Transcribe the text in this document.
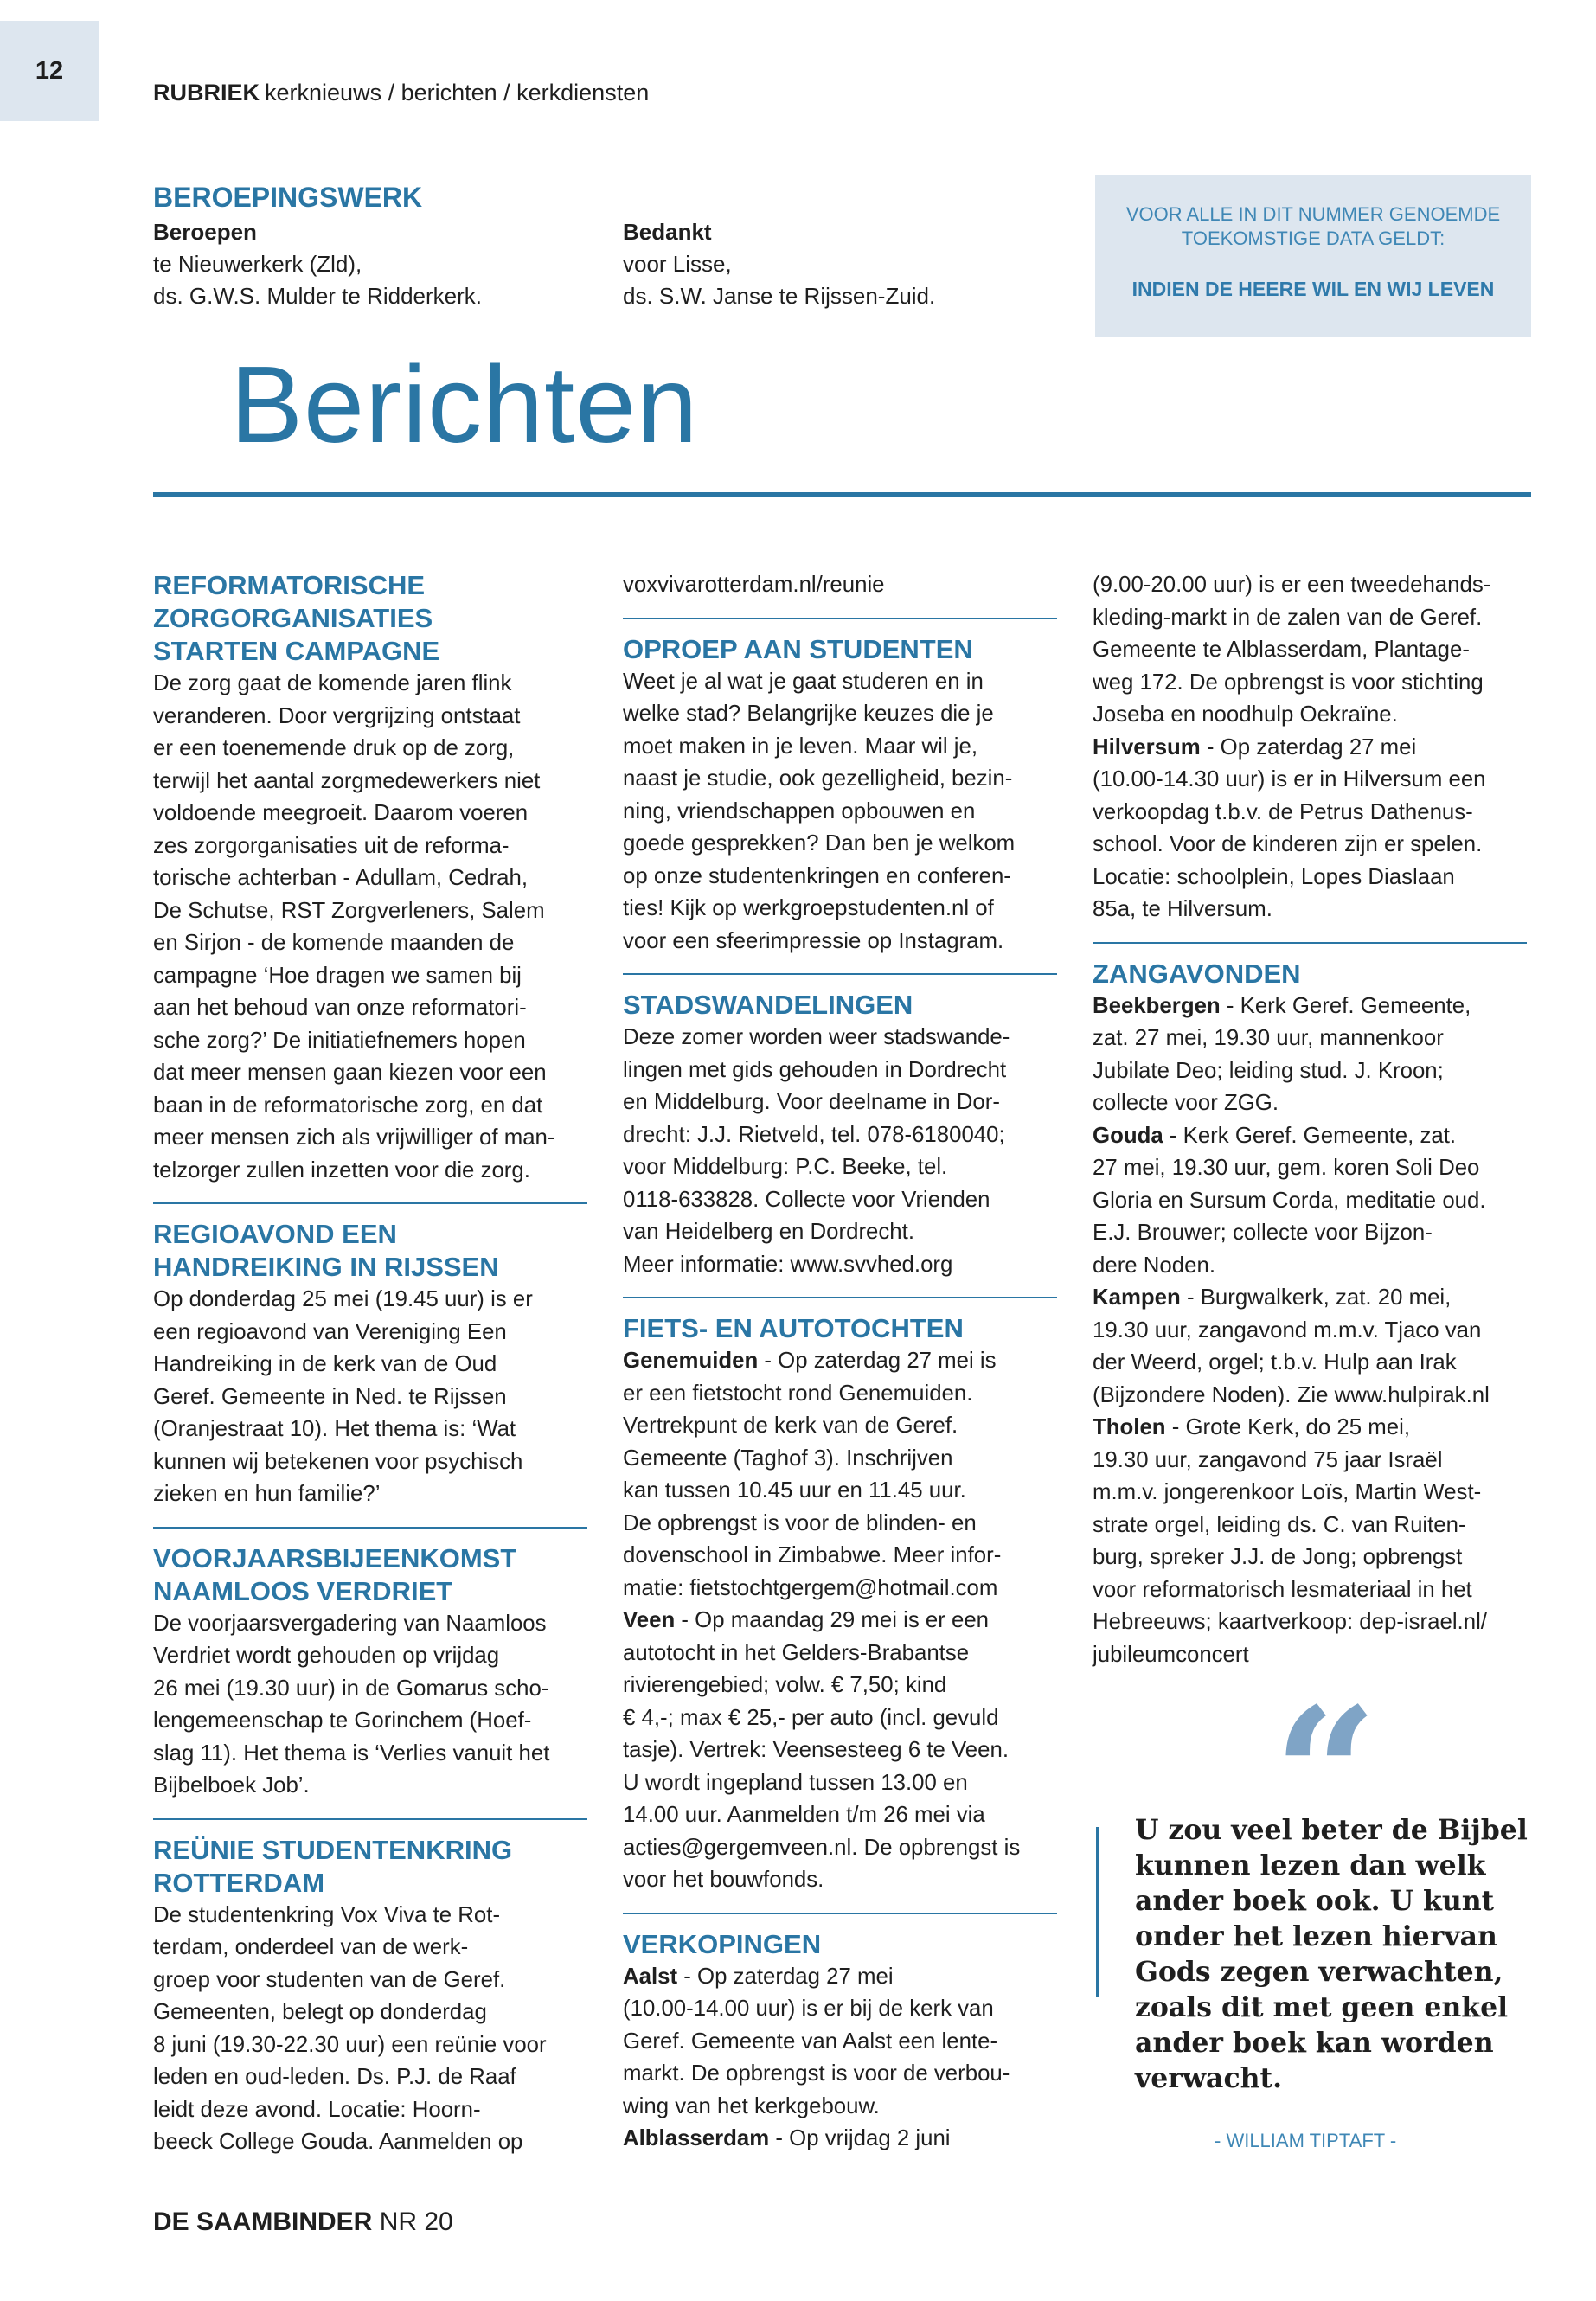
12
RUBRIEK kerknieuws / berichten / kerkdiensten
BEROEPINGSWERK
Beroepen
te Nieuwerkerk (Zld),
ds. G.W.S. Mulder te Ridderkerk.
Bedankt
voor Lisse,
ds. S.W. Janse te Rijssen-Zuid.
VOOR ALLE IN DIT NUMMER GENOEMDE
TOEKOMSTIGE DATA GELDT:
INDIEN DE HEERE WIL EN WIJ LEVEN
Berichten
REFORMATORISCHE
ZORGORGANISATIES
STARTEN CAMPAGNE

De zorg gaat de komende jaren flink

veranderen. Door vergrijzing ontstaat

er een toenemende druk op de zorg,

terwijl het aantal zorgmedewerkers niet

voldoende meegroeit. Daarom voeren

zes zorgorganisaties uit de reforma-

torische achterban - Adullam, Cedrah,

De Schutse, RST Zorgverleners, Salem

en Sirjon - de komende maanden de

campagne ‘Hoe dragen we samen bij

aan het behoud van onze reformatori-

sche zorg?’ De initiatiefnemers hopen

dat meer mensen gaan kiezen voor een

baan in de reformatorische zorg, en dat

meer mensen zich als vrijwilliger of man-

telzorger zullen inzetten voor die zorg.

REGIOAVOND EEN
HANDREIKING IN RIJSSEN

Op donderdag 25 mei (19.45 uur) is er

een regioavond van Vereniging Een

Handreiking in de kerk van de Oud

Geref. Gemeente in Ned. te Rijssen

(Oranjestraat 10). Het thema is: ‘Wat

kunnen wij betekenen voor psychisch

zieken en hun familie?’

VOORJAARSBIJEENKOMST
NAAMLOOS VERDRIET

De voorjaarsvergadering van Naamloos

Verdriet wordt gehouden op vrijdag

26 mei (19.30 uur) in de Gomarus scho-

lengemeenschap te Gorinchem (Hoef-

slag 11). Het thema is ‘Verlies vanuit het

Bijbelboek Job’.

REÜNIE STUDENTENKRING
ROTTERDAM

De studentenkring Vox Viva te Rot-

terdam, onderdeel van de werk-

groep voor studenten van de Geref.

Gemeenten, belegt op donderdag

8 juni (19.30-22.30 uur) een reünie voor

leden en oud-leden. Ds. P.J. de Raaf

leidt deze avond. Locatie: Hoorn-

beeck College Gouda. Aanmelden op

voxvivarotterdam.nl/reunie

OPROEP AAN STUDENTEN

Weet je al wat je gaat studeren en in

welke stad? Belangrijke keuzes die je

moet maken in je leven. Maar wil je,

naast je studie, ook gezelligheid, bezin-

ning, vriendschappen opbouwen en

goede gesprekken? Dan ben je welkom

op onze studentenkringen en conferen-

ties! Kijk op werkgroepstudenten.nl of

voor een sfeerimpressie op Instagram.

STADSWANDELINGEN

Deze zomer worden weer stadswande-

lingen met gids gehouden in Dordrecht

en Middelburg. Voor deelname in Dor-

drecht: J.J. Rietveld, tel. 078-6180040;

voor Middelburg: P.C. Beeke, tel.

0118-633828. Collecte voor Vrienden

van Heidelberg en Dordrecht.

Meer informatie: www.svvhed.org

FIETS- EN AUTOTOCHTEN

Genemuiden - Op zaterdag 27 mei is

er een fietstocht rond Genemuiden.

Vertrekpunt de kerk van de Geref.

Gemeente (Taghof 3). Inschrijven

kan tussen 10.45 uur en 11.45 uur.

De opbrengst is voor de blinden- en

dovenschool in Zimbabwe. Meer infor-

matie: fietstochtgergem@hotmail.com

Veen - Op maandag 29 mei is er een

autotocht in het Gelders-Brabantse

rivierengebied; volw. € 7,50; kind

€ 4,-; max € 25,- per auto (incl. gevuld

tasje). Vertrek: Veensesteeg 6 te Veen.

U wordt ingepland tussen 13.00 en

14.00 uur. Aanmelden t/m 26 mei via

acties@gergemveen.nl. De opbrengst is

voor het bouwfonds.

VERKOPINGEN

Aalst - Op zaterdag 27 mei

(10.00-14.00 uur) is er bij de kerk van

Geref. Gemeente van Aalst een lente-

markt. De opbrengst is voor de verbou-

wing van het kerkgebouw.

Alblasserdam - Op vrijdag 2 juni

(9.00-20.00 uur) is er een tweedehands-

kleding-markt in de zalen van de Geref.

Gemeente te Alblasserdam, Plantage-

weg 172. De opbrengst is voor stichting

Joseba en noodhulp Oekraïne.

Hilversum - Op zaterdag 27 mei

(10.00-14.30 uur) is er in Hilversum een

verkoopdag t.b.v. de Petrus Dathenus-

school. Voor de kinderen zijn er spelen.

Locatie: schoolplein, Lopes Diaslaan

85a, te Hilversum.

ZANGAVONDEN

Beekbergen - Kerk Geref. Gemeente,

zat. 27 mei, 19.30 uur, mannenkoor

Jubilate Deo; leiding stud. J. Kroon;

collecte voor ZGG.

Gouda - Kerk Geref. Gemeente, zat.

27 mei, 19.30 uur, gem. koren Soli Deo

Gloria en Sursum Corda, meditatie oud.

E.J. Brouwer; collecte voor Bijzon-

dere Noden.

Kampen - Burgwalkerk, zat. 20 mei,

19.30 uur, zangavond m.m.v. Tjaco van

der Weerd, orgel; t.b.v. Hulp aan Irak

(Bijzondere Noden). Zie www.hulpirak.nl

Tholen - Grote Kerk, do 25 mei,

19.30 uur, zangavond 75 jaar Israël

m.m.v. jongerenkoor Loïs, Martin West-

strate orgel, leiding ds. C. van Ruiten-

burg, spreker J.J. de Jong; opbrengst

voor reformatorisch lesmateriaal in het

Hebreeuws; kaartverkoop: dep-israel.nl/

jubileumconcert

“
U zou veel beter de Bijbel
kunnen lezen dan welk
ander boek ook. U kunt
onder het lezen hiervan
Gods zegen verwachten,
zoals dit met geen enkel
ander boek kan worden
verwacht.
- WILLIAM TIPTAFT -
DE SAAMBINDER NR 20
